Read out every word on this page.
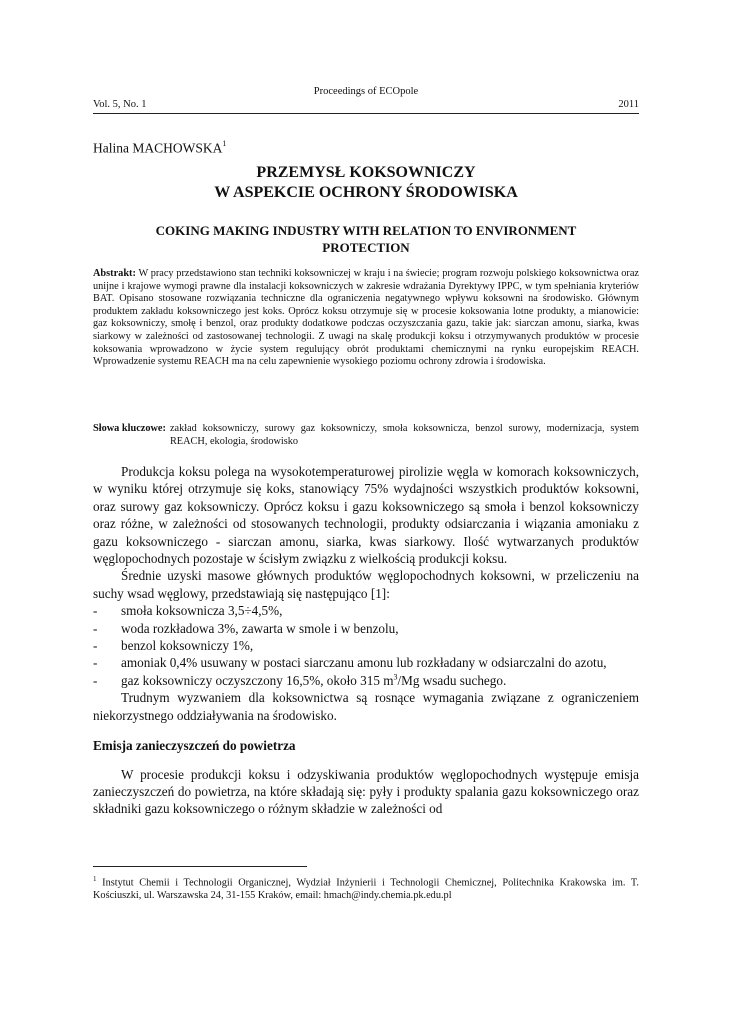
Proceedings of ECOpole
Vol. 5, No. 1	2011
Halina MACHOWSKA$^1$
PRZEMYSŁ KOKSOWNICZY
W ASPEKCIE OCHRONY ŚRODOWISKA
COKING MAKING INDUSTRY WITH RELATION TO ENVIRONMENT
PROTECTION
Abstrakt: W pracy przedstawiono stan techniki koksowniczej w kraju i na świecie; program rozwoju polskiego koksownictwa oraz unijne i krajowe wymogi prawne dla instalacji koksowniczych w zakresie wdrażania Dyrektywy IPPC, w tym spełniania kryteriów BAT. Opisano stosowane rozwiązania techniczne dla ograniczenia negatywnego wpływu koksowni na środowisko. Głównym produktem zakładu koksowniczego jest koks. Oprócz koksu otrzymuje się w procesie koksowania lotne produkty, a mianowicie: gaz koksowniczy, smołę i benzol, oraz produkty dodatkowe podczas oczyszczania gazu, takie jak: siarczan amonu, siarka, kwas siarkowy w zależności od zastosowanej technologii. Z uwagi na skalę produkcji koksu i otrzymywanych produktów w procesie koksowania wprowadzono w życie system regulujący obrót produktami chemicznymi na rynku europejskim REACH. Wprowadzenie systemu REACH ma na celu zapewnienie wysokiego poziomu ochrony zdrowia i środowiska.
Słowa kluczowe: zakład koksowniczy, surowy gaz koksowniczy, smoła koksownicza, benzol surowy, modernizacja, system REACH, ekologia, środowisko

Produkcja koksu polega na wysokotemperaturowej pirolizie węgla w komorach koksowniczych, w wyniku której otrzymuje się koks, stanowiący 75% wydajności wszystkich produktów koksowni, oraz surowy gaz koksowniczy. Oprócz koksu i gazu koksowniczego są smoła i benzol koksowniczy oraz różne, w zależności od stosowanych technologii, produkty odsiarczania i wiązania amoniaku z gazu koksowniczego - siarczan amonu, siarka, kwas siarkowy. Ilość wytwarzanych produktów węglopochodnych pozostaje w ścisłym związku z wielkością produkcji koksu.

Średnie uzyski masowe głównych produktów węglopochodnych koksowni, w przeliczeniu na suchy wsad węglowy, przedstawiają się następująco [1]:

- smoła koksownicza 3,5÷4,5%,
- woda rozkładowa 3%, zawarta w smole i w benzolu,
- benzol koksowniczy 1%,
- amoniak 0,4% usuwany w postaci siarczanu amonu lub rozkładany w odsiarczalni do azotu,
- gaz koksowniczy oczyszczony 16,5%, około 315 $m^3/Mg$ wsadu suchego.

Trudnym wyzwaniem dla koksownictwa są rosnące wymagania związane z ograniczeniem niekorzystnego oddziaływania na środowisko.

Emisja zanieczyszczeń do powietrza

W procesie produkcji koksu i odzyskiwania produktów węglopochodnych występuje emisja zanieczyszczeń do powietrza, na które składają się: pyły i produkty spalania gazu koksowniczego oraz składniki gazu koksowniczego o różnym składzie w zależności od

$^1$ Instytut Chemii i Technologii Organicznej, Wydział Inżynierii i Technologii Chemicznej, Politechnika Krakowska im. T. Kościuszki, ul. Warszawska 24, 31-155 Kraków, email: hmach@indy.chemia.pk.edu.pl
